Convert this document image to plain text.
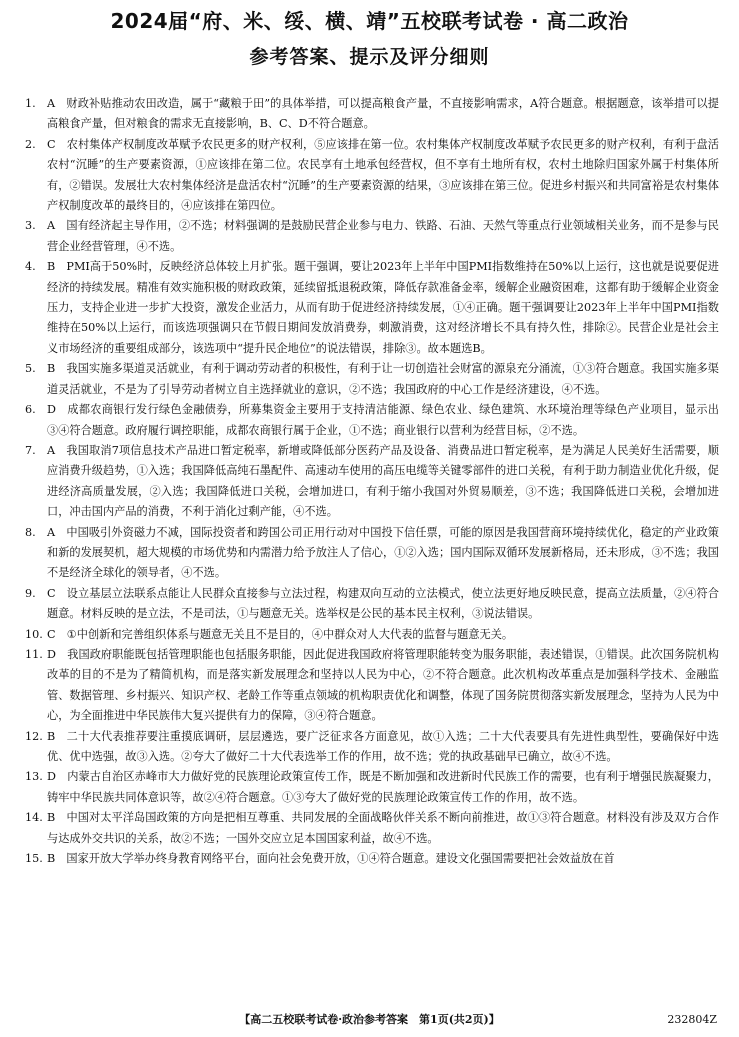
2024届“府、米、绥、横、靖”五校联考试卷 · 高二政治
参考答案、提示及评分细则

1. A  财政补贴推动农田改造，属于“藏粮于田”的具体举措，可以提高粮食产量，不直接影响需求，A符合题意。根据题意，该举措可以提高粮食产量，但对粮食的需求无直接影响，B、C、D不符合题意。

2. C  农村集体产权制度改革赋予农民更多的财产权利，⑤应该排在第一位。农村集体产权制度改革赋予农民更多的财产权利，有利于盘活农村“沉睡”的生产要素资源，①应该排在第二位。农民享有土地承包经营权，但不享有土地所有权，农村土地除归国家外属于村集体所有，②错误。发展壮大农村集体经济是盘活农村“沉睡”的生产要素资源的结果，③应该排在第三位。促进乡村振兴和共同富裕是农村集体产权制度改革的最终目的，④应该排在第四位。

3. A  国有经济起主导作用，②不选；材料强调的是鼓励民营企业参与电力、铁路、石油、天然气等重点行业领域相关业务，而不是参与民营企业经营管理，④不选。

4. B  PMI高于50%时，反映经济总体较上月扩张。题干强调，要让2023年上半年中国PMI指数维持在50%以上运行，这也就是说要促进经济的持续发展。精准有效实施积极的财政政策，延续留抵退税政策，降低存款准备金率，缓解企业融资困难，这都有助于缓解企业资金压力，支持企业进一步扩大投资，激发企业活力，从而有助于促进经济持续发展，①④正确。题干强调要让2023年上半年中国PMI指数维持在50%以上运行，而该选项强调只在节假日期间发放消费券，刺激消费，这对经济增长不具有持久性，排除②。民营企业是社会主义市场经济的重要组成部分，该选项中“提升民企地位”的说法错误，排除③。故本题选B。

5. B  我国实施多渠道灵活就业，有利于调动劳动者的积极性，有利于让一切创造社会财富的源泉充分涌流，①③符合题意。我国实施多渠道灵活就业，不是为了引导劳动者树立自主选择就业的意识，②不选；我国政府的中心工作是经济建设，④不选。

6. D  成都农商银行发行绿色金融债券，所募集资金主要用于支持清洁能源、绿色农业、绿色建筑、水环境治理等绿色产业项目，显示出③④符合题意。政府履行调控职能，成都农商银行属于企业，①不选；商业银行以营利为经营目标，②不选。

7. A  我国取消7项信息技术产品进口暂定税率，新增或降低部分医药产品及设备、消费品进口暂定税率，是为满足人民美好生活需要，顺应消费升级趋势，①入选；我国降低高纯石墨配件、高速动车使用的高压电缆等关键零部件的进口关税，有利于助力制造业优化升级，促进经济高质量发展，②入选；我国降低进口关税，会增加进口，有利于缩小我国对外贸易顺差，③不选；我国降低进口关税，会增加进口，冲击国内产品的消费，不利于消化过剩产能，④不选。

8. A  中国吸引外资磁力不减，国际投资者和跨国公司正用行动对中国投下信任票，可能的原因是我国营商环境持续优化，稳定的产业政策和新的发展契机，超大规模的市场优势和内需潜力给予放注人了信心，①②入选；国内国际双循环发展新格局，还未形成，③不选；我国不是经济全球化的领导者，④不选。

9. C  设立基层立法联系点能让人民群众直接参与立法过程，构建双向互动的立法模式，使立法更好地反映民意，提高立法质量，②④符合题意。材料反映的是立法，不是司法，①与题意无关。选举权是公民的基本民主权利，③说法错误。

10. C  ①中创新和完善组织体系与题意无关且不是目的，④中群众对人大代表的监督与题意无关。

11. D  我国政府职能既包括管理职能也包括服务职能，因此促进我国政府将管理职能转变为服务职能，表述错误，①错误。此次国务院机构改革的目的不是为了精简机构，而是落实新发展理念和坚持以人民为中心，②不符合题意。此次机构改革重点是加强科学技术、金融监管、数据管理、乡村振兴、知识产权、老龄工作等重点领域的机构职责优化和调整，体现了国务院贯彻落实新发展理念，坚持为人民为中心，为全面推进中华民族伟大复兴提供有力的保障，③④符合题意。

12. B  二十大代表推荐要注重摸底调研，层层遴选，要广泛征求各方面意见，故①入选；二十大代表要具有先进性典型性，要确保好中选优、优中选强，故③入选。②夸大了做好二十大代表选举工作的作用，故不选；党的执政基础早已确立，故④不选。

13. D  内蒙古自治区赤峰市大力做好党的民族理论政策宣传工作，既是不断加强和改进新时代民族工作的需要，也有利于增强民族凝聚力，铸牢中华民族共同体意识等，故②④符合题意。①③夸大了做好党的民族理论政策宣传工作的作用，故不选。

14. B  中国对太平洋岛国政策的方向是把相互尊重、共同发展的全面战略伙伴关系不断向前推进，故①③符合题意。材料没有涉及双方合作与达成外交共识的关系，故②不选；一国外交应立足本国国家利益，故④不选。

15. B  国家开放大学举办终身教育网络平台，面向社会免费开放，①④符合题意。建设文化强国需要把社会效益放在首

【高二五校联考试卷·政治参考答案　第1页(共2页)】	232804Z
